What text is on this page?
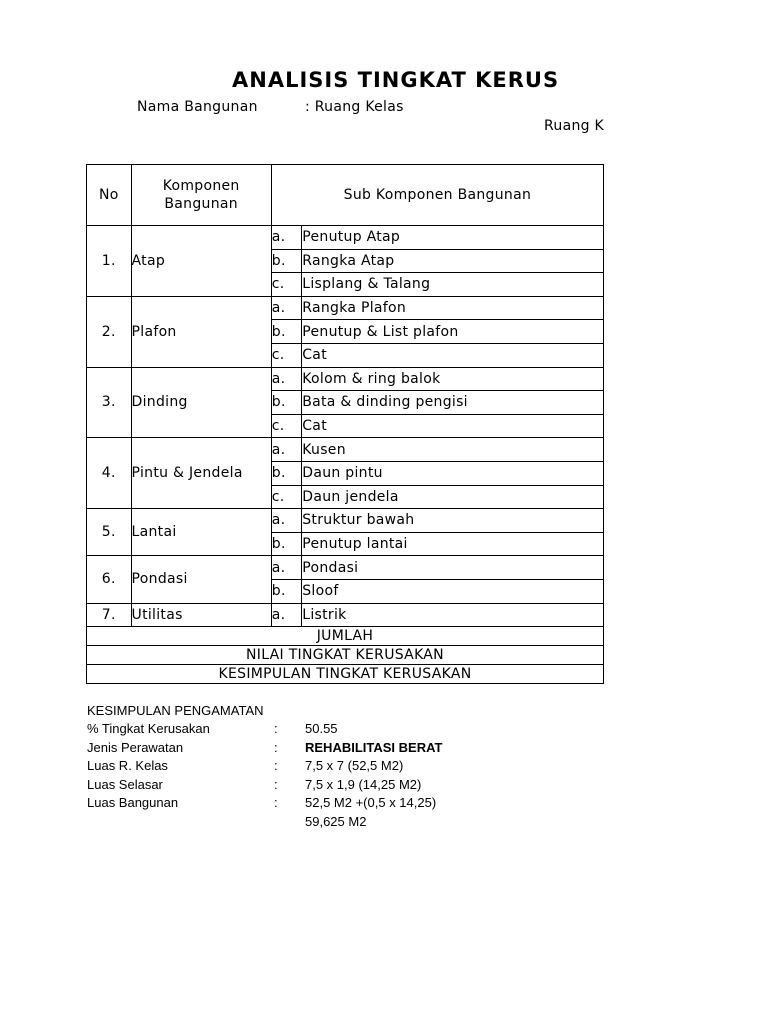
ANALISIS TINGKAT KERUS
Nama Bangunan	: Ruang Kelas
Ruang K
No	Komponen Bangunan	Sub Komponen Bangunan	
1.	Atap	a.	Penutup Atap
		b.	Rangka Atap
		c.	Lisplang & Talang
2.	Plafon	a.	Rangka Plafon
		b.	Penutup & List plafon
		c.	Cat
3.	Dinding	a.	Kolom & ring balok
		b.	Bata & dinding pengisi
		c.	Cat
4.	Pintu & Jendela	a.	Kusen
		b.	Daun pintu
		c.	Daun jendela
5.	Lantai	a.	Struktur bawah
		b.	Penutup lantai
6.	Pondasi	a.	Pondasi
		b.	Sloof
7.	Utilitas	a.	Listrik
JUMLAH			
NILAI TINGKAT KERUSAKAN			
KESIMPULAN TINGKAT KERUSAKAN			
KESIMPULAN PENGAMATAN
% Tingkat Kerusakan	: 50.55
Jenis Perawatan	: REHABILITASI BERAT
Luas R. Kelas	: 7,5 x 7 (52,5 M2)
Luas Selasar	: 7,5 x 1,9 (14,25 M2)
Luas Bangunan	: 52,5 M2 +(0,5 x 14,25)
59,625 M2
